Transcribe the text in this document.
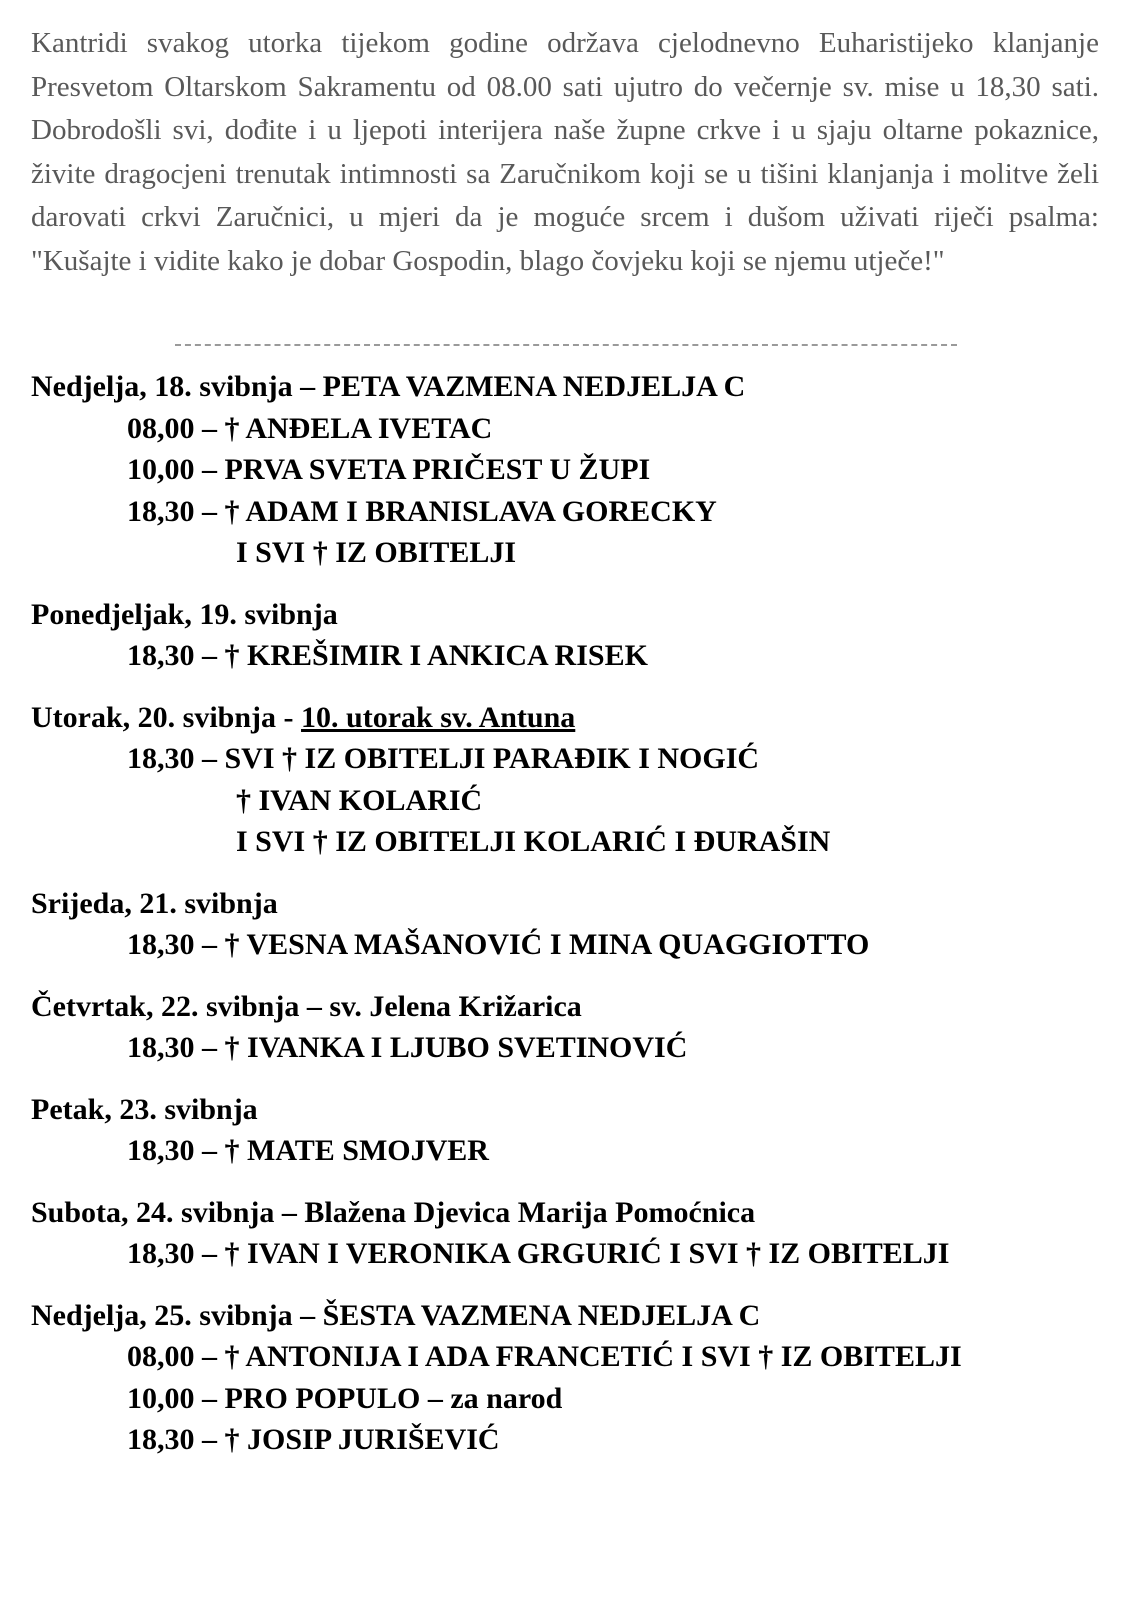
Kantridi svakog utorka tijekom godine održava cjelodnevno Euharistijeko klanjanje Presvetom Oltarskom Sakramentu od 08.00 sati ujutro do večernje sv. mise u 18,30 sati. Dobrodošli svi, dođite i u ljepoti interijera naše župne crkve i u sjaju oltarne pokaznice, živite dragocjeni trenutak intimnosti sa Zaručnikom koji se u tišini klanjanja i molitve želi darovati crkvi Zaručnici, u mjeri da je moguće srcem i dušom uživati riječi psalma: "Kušajte i vidite kako je dobar Gospodin, blago čovjeku koji se njemu utječe!"

Nedjelja, 18. svibnja – PETA VAZMENA NEDJELJA C
08,00 – † ANĐELA IVETAC
10,00 – PRVA SVETA PRIČEST U ŽUPI
18,30 – † ADAM I BRANISLAVA GORECKY
I SVI † IZ OBITELJI
Ponedjeljak, 19. svibnja
18,30 – † KREŠIMIR I ANKICA RISEK
Utorak, 20. svibnja - 10. utorak sv. Antuna
18,30 – SVI † IZ OBITELJI PARAĐIK I NOGIĆ
† IVAN KOLARIĆ
I SVI † IZ OBITELJI KOLARIĆ I ĐURAŠIN
Srijeda, 21. svibnja
18,30 – † VESNA MAŠANOVIĆ I MINA QUAGGIOTTO
Četvrtak, 22. svibnja – sv. Jelena Križarica
18,30 – † IVANKA I LJUBO SVETINOVIĆ
Petak, 23. svibnja
18,30 – † MATE SMOJVER
Subota, 24. svibnja – Blažena Djevica Marija Pomoćnica
18,30 – † IVAN I VERONIKA GRGURIĆ I SVI † IZ OBITELJI
Nedjelja, 25. svibnja – ŠESTA VAZMENA NEDJELJA C
08,00 – † ANTONIJA I ADA FRANCETIĆ I SVI † IZ OBITELJI
10,00 – PRO POPULO – za narod
18,30 – † JOSIP JURIŠEVIĆ
